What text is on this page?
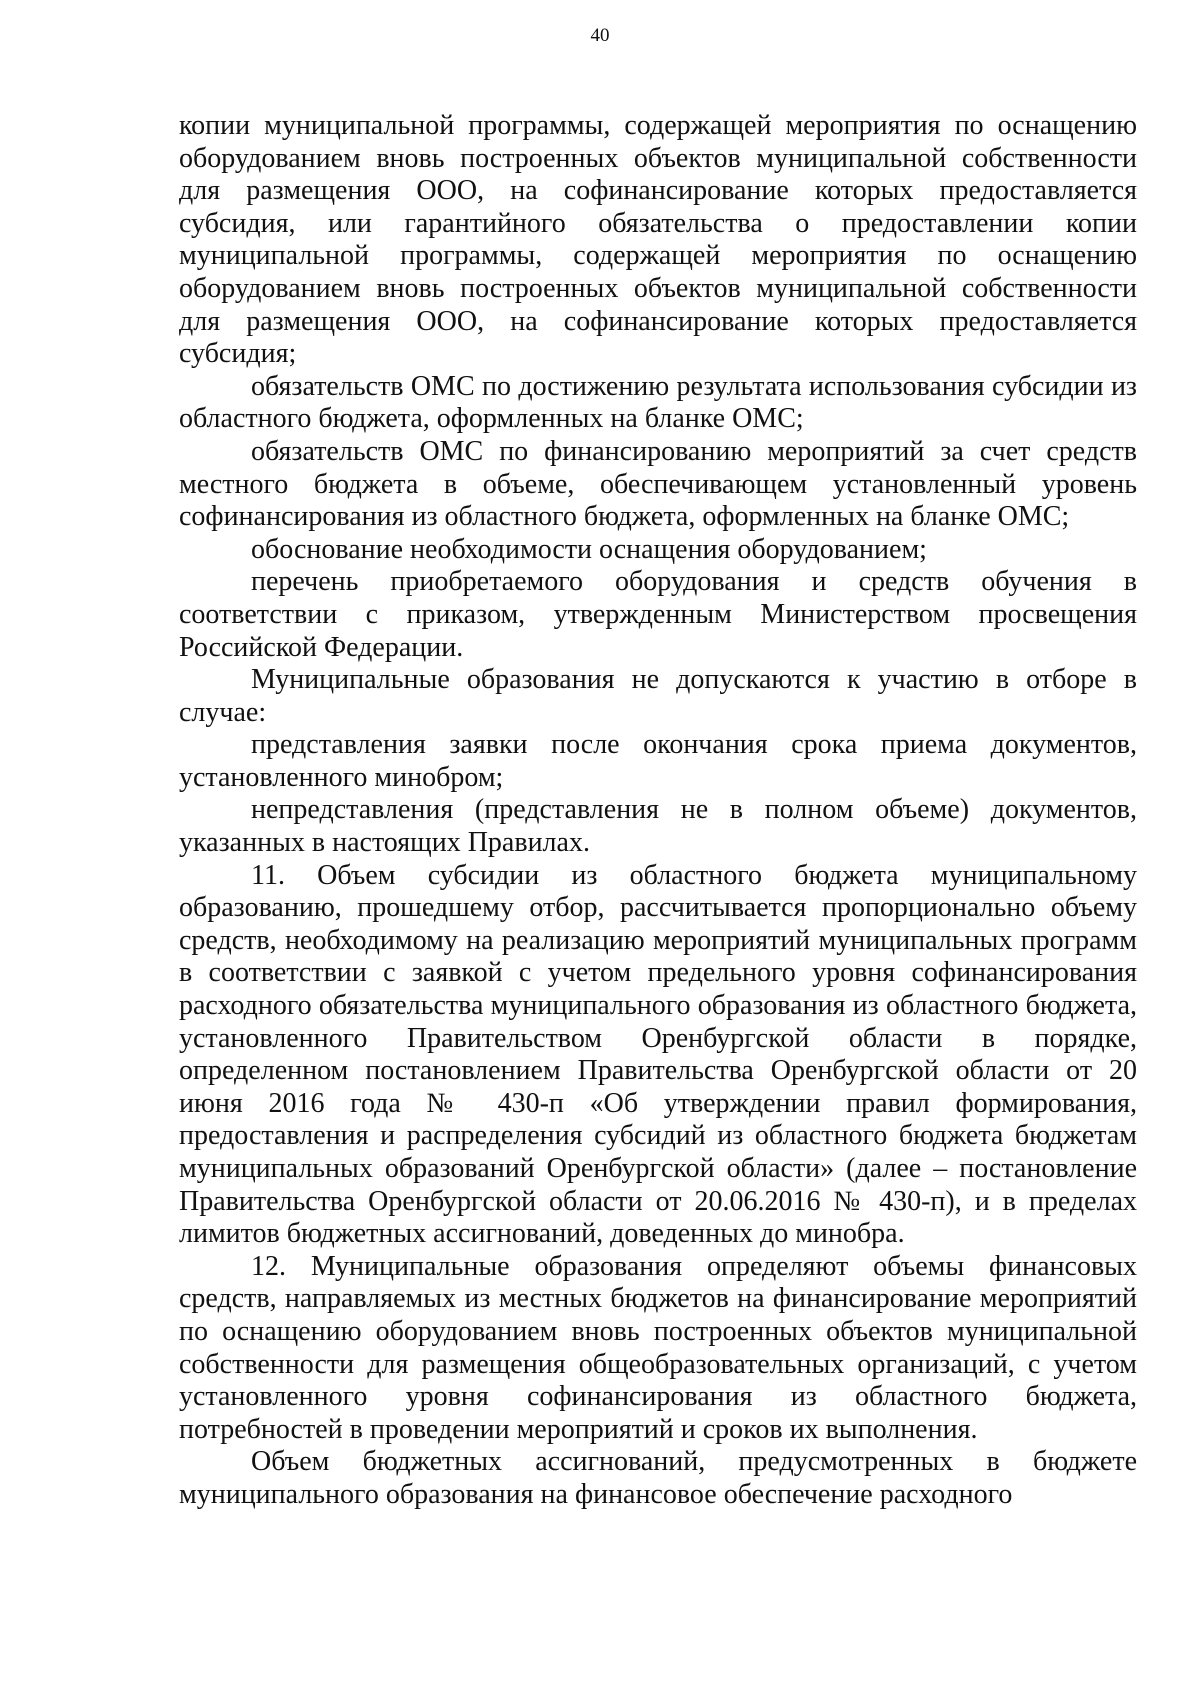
40

копии муниципальной программы, содержащей мероприятия по оснащению оборудованием вновь построенных объектов муниципальной собственности для размещения ООО, на софинансирование которых предоставляется субсидия, или гарантийного обязательства о предоставлении копии муниципальной программы, содержащей мероприятия по оснащению оборудованием вновь построенных объектов муниципальной собственности для размещения ООО, на софинансирование которых предоставляется субсидия;

обязательств ОМС по достижению результата использования субсидии из областного бюджета, оформленных на бланке ОМС;

обязательств ОМС по финансированию мероприятий за счет средств местного бюджета в объеме, обеспечивающем установленный уровень софинансирования из областного бюджета, оформленных на бланке ОМС;

обоснование необходимости оснащения оборудованием;

перечень приобретаемого оборудования и средств обучения в соответствии с приказом, утвержденным Министерством просвещения Российской Федерации.

Муниципальные образования не допускаются к участию в отборе в случае:

представления заявки после окончания срока приема документов, установленного минобром;

непредставления (представления не в полном объеме) документов, указанных в настоящих Правилах.

11. Объем субсидии из областного бюджета муниципальному образованию, прошедшему отбор, рассчитывается пропорционально объему средств, необходимому на реализацию мероприятий муниципальных программ в соответствии с заявкой с учетом предельного уровня софинансирования расходного обязательства муниципального образования из областного бюджета, установленного Правительством Оренбургской области в порядке, определенном постановлением Правительства Оренбургской области от 20 июня 2016 года № 430-п «Об утверждении правил формирования, предоставления и распределения субсидий из областного бюджета бюджетам муниципальных образований Оренбургской области» (далее – постановление Правительства Оренбургской области от 20.06.2016 № 430-п), и в пределах лимитов бюджетных ассигнований, доведенных до минобра.

12. Муниципальные образования определяют объемы финансовых средств, направляемых из местных бюджетов на финансирование мероприятий по оснащению оборудованием вновь построенных объектов муниципальной собственности для размещения общеобразовательных организаций, с учетом установленного уровня софинансирования из областного бюджета, потребностей в проведении мероприятий и сроков их выполнения.

Объем бюджетных ассигнований, предусмотренных в бюджете муниципального образования на финансовое обеспечение расходного
